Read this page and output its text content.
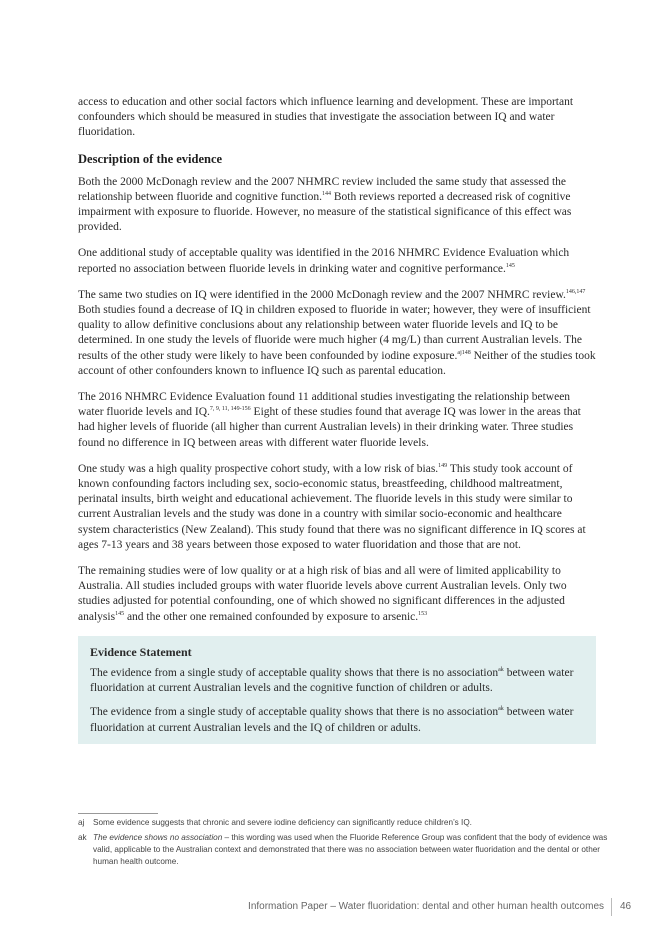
access to education and other social factors which influence learning and development. These are important confounders which should be measured in studies that investigate the association between IQ and water fluoridation.

Description of the evidence

Both the 2000 McDonagh review and the 2007 NHMRC review included the same study that assessed the relationship between fluoride and cognitive function.$^{144}$ Both reviews reported a decreased risk of cognitive impairment with exposure to fluoride. However, no measure of the statistical significance of this effect was provided.

One additional study of acceptable quality was identified in the 2016 NHMRC Evidence Evaluation which reported no association between fluoride levels in drinking water and cognitive performance.$^{145}$

The same two studies on IQ were identified in the 2000 McDonagh review and the 2007 NHMRC review.$^{146,147}$ Both studies found a decrease of IQ in children exposed to fluoride in water; however, they were of insufficient quality to allow definitive conclusions about any relationship between water fluoride levels and IQ to be determined. In one study the levels of fluoride were much higher (4 mg/L) than current Australian levels. The results of the other study were likely to have been confounded by iodine exposure.$^{aj148}$ Neither of the studies took account of other confounders known to influence IQ such as parental education.

The 2016 NHMRC Evidence Evaluation found 11 additional studies investigating the relationship between water fluoride levels and IQ.$^{7, 9, 11, 149-156}$ Eight of these studies found that average IQ was lower in the areas that had higher levels of fluoride (all higher than current Australian levels) in their drinking water. Three studies found no difference in IQ between areas with different water fluoride levels.

One study was a high quality prospective cohort study, with a low risk of bias.$^{149}$ This study took account of known confounding factors including sex, socio-economic status, breastfeeding, childhood maltreatment, perinatal insults, birth weight and educational achievement. The fluoride levels in this study were similar to current Australian levels and the study was done in a country with similar socio-economic and healthcare system characteristics (New Zealand). This study found that there was no significant difference in IQ scores at ages 7-13 years and 38 years between those exposed to water fluoridation and those that are not.

The remaining studies were of low quality or at a high risk of bias and all were of limited applicability to Australia. All studies included groups with water fluoride levels above current Australian levels. Only two studies adjusted for potential confounding, one of which showed no significant differences in the adjusted analysis$^{145}$ and the other one remained confounded by exposure to arsenic.$^{153}$

Evidence Statement

The evidence from a single study of acceptable quality shows that there is no association$^{ak}$ between water fluoridation at current Australian levels and the cognitive function of children or adults.

The evidence from a single study of acceptable quality shows that there is no association$^{ak}$ between water fluoridation at current Australian levels and the IQ of children or adults.

aj	Some evidence suggests that chronic and severe iodine deficiency can significantly reduce children’s IQ.
ak The evidence shows no association – this wording was used when the Fluoride Reference Group was confident that the body of evidence was valid, applicable to the Australian context and demonstrated that there was no association between water fluoridation and the dental or other human health outcome.
Information Paper – Water fluoridation: dental and other human health outcomes 46
